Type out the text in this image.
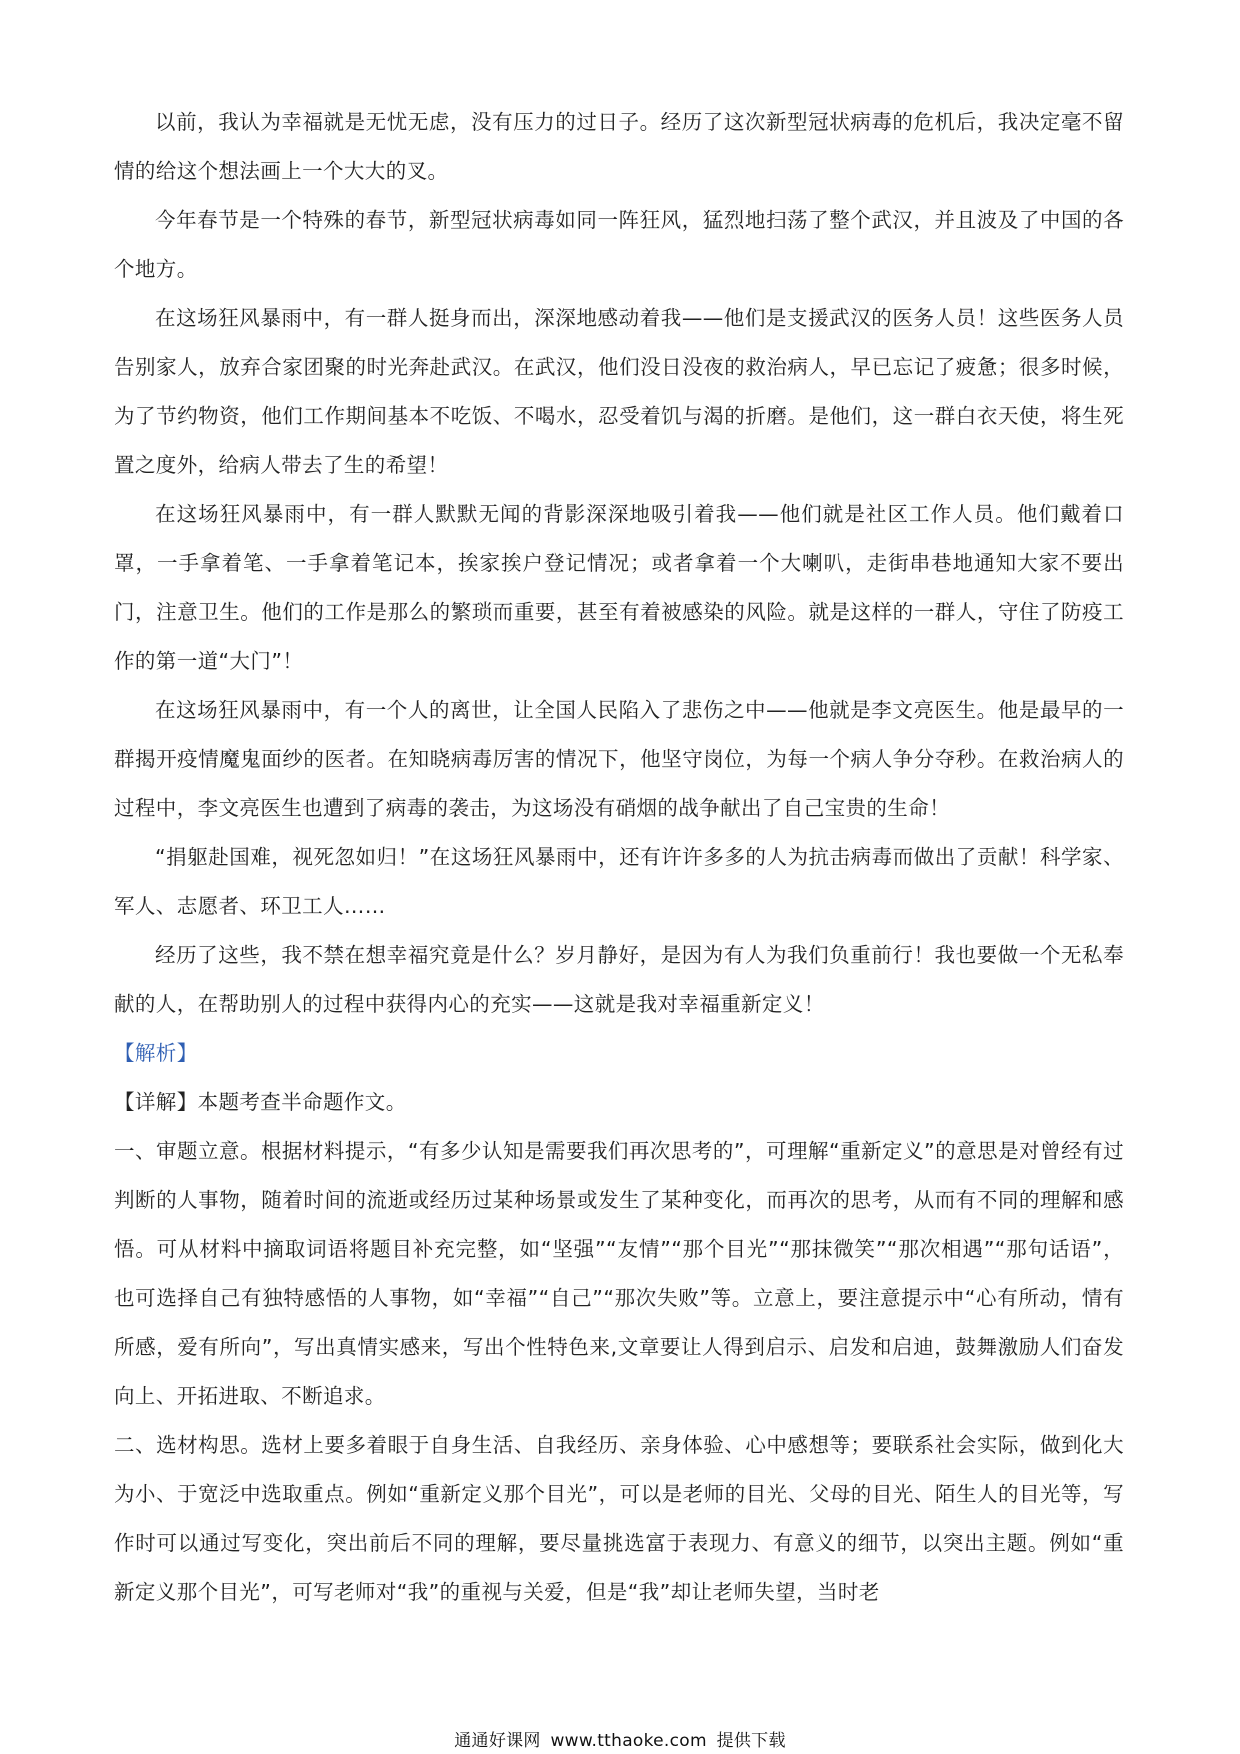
以前，我认为幸福就是无忧无虑，没有压力的过日子。经历了这次新型冠状病毒的危机后，我决定毫不留情的给这个想法画上一个大大的叉。

今年春节是一个特殊的春节，新型冠状病毒如同一阵狂风，猛烈地扫荡了整个武汉，并且波及了中国的各个地方。

在这场狂风暴雨中，有一群人挺身而出，深深地感动着我——他们是支援武汉的医务人员！这些医务人员告别家人，放弃合家团聚的时光奔赴武汉。在武汉，他们没日没夜的救治病人，早已忘记了疲惫；很多时候，为了节约物资，他们工作期间基本不吃饭、不喝水，忍受着饥与渴的折磨。是他们，这一群白衣天使，将生死置之度外，给病人带去了生的希望！

在这场狂风暴雨中，有一群人默默无闻的背影深深地吸引着我——他们就是社区工作人员。他们戴着口罩，一手拿着笔、一手拿着笔记本，挨家挨户登记情况；或者拿着一个大喇叭，走街串巷地通知大家不要出门，注意卫生。他们的工作是那么的繁琐而重要，甚至有着被感染的风险。就是这样的一群人，守住了防疫工作的第一道“大门”！

在这场狂风暴雨中，有一个人的离世，让全国人民陷入了悲伤之中——他就是李文亮医生。他是最早的一群揭开疫情魔鬼面纱的医者。在知晓病毒厉害的情况下，他坚守岗位，为每一个病人争分夺秒。在救治病人的过程中，李文亮医生也遭到了病毒的袭击，为这场没有硝烟的战争献出了自己宝贵的生命！

“捐躯赴国难，视死忽如归！”在这场狂风暴雨中，还有许许多多的人为抗击病毒而做出了贡献！科学家、军人、志愿者、环卫工人……

经历了这些，我不禁在想幸福究竟是什么？岁月静好，是因为有人为我们负重前行！我也要做一个无私奉献的人，在帮助别人的过程中获得内心的充实——这就是我对幸福重新定义！

【解析】

【详解】本题考查半命题作文。

一、审题立意。根据材料提示，“有多少认知是需要我们再次思考的”，可理解“重新定义”的意思是对曾经有过判断的人事物，随着时间的流逝或经历过某种场景或发生了某种变化，而再次的思考，从而有不同的理解和感悟。可从材料中摘取词语将题目补充完整，如“坚强”“友情”“那个目光”“那抹微笑”“那次相遇”“那句话语”，也可选择自己有独特感悟的人事物，如“幸福”“自己”“那次失败”等。立意上，要注意提示中“心有所动，情有所感，爱有所向”，写出真情实感来，写出个性特色来,文章要让人得到启示、启发和启迪，鼓舞激励人们奋发向上、开拓进取、不断追求。

二、选材构思。选材上要多着眼于自身生活、自我经历、亲身体验、心中感想等；要联系社会实际，做到化大为小、于宽泛中选取重点。例如“重新定义那个目光”，可以是老师的目光、父母的目光、陌生人的目光等，写作时可以通过写变化，突出前后不同的理解，要尽量挑选富于表现力、有意义的细节，以突出主题。例如“重新定义那个目光”，可写老师对“我”的重视与关爱，但是“我”却让老师失望，当时老

通通好课网 www.tthaoke.com 提供下载
